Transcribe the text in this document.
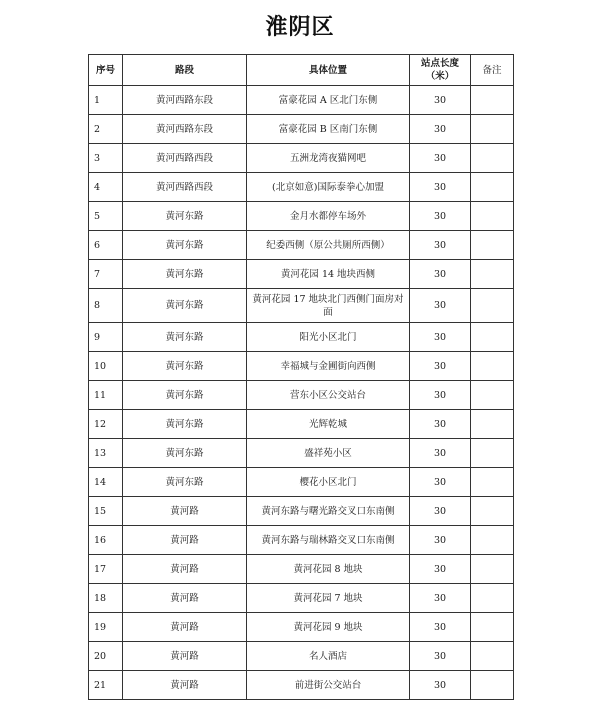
淮阴区
序号	路段	具体位置	站点长度（米）	备注
1	黄河西路东段	富豪花园 A 区北门东侧	30	
2	黄河西路东段	富豪花园 B 区南门东侧	30	
3	黄河西路西段	五洲龙湾夜猫网吧	30	
4	黄河西路西段	(北京如意)国际泰拳心加盟	30	
5	黄河东路	金月水都停车场外	30	
6	黄河东路	纪委西侧（原公共厕所西侧）	30	
7	黄河东路	黄河花园 14 地块西侧	30	
8	黄河东路	黄河花园 17 地块北门西侧门面房对面	30	
9	黄河东路	阳光小区北门	30	
10	黄河东路	幸福城与金圃街向西侧	30	
11	黄河东路	营东小区公交站台	30	
12	黄河东路	光辉乾城	30	
13	黄河东路	盛祥苑小区	30	
14	黄河东路	樱花小区北门	30	
15	黄河路	黄河东路与曙光路交叉口东南侧	30	
16	黄河路	黄河东路与瑞林路交叉口东南侧	30	
17	黄河路	黄河花园 8 地块	30	
18	黄河路	黄河花园 7 地块	30	
19	黄河路	黄河花园 9 地块	30	
20	黄河路	名人酒店	30	
21	黄河路	前进街公交站台	30	
